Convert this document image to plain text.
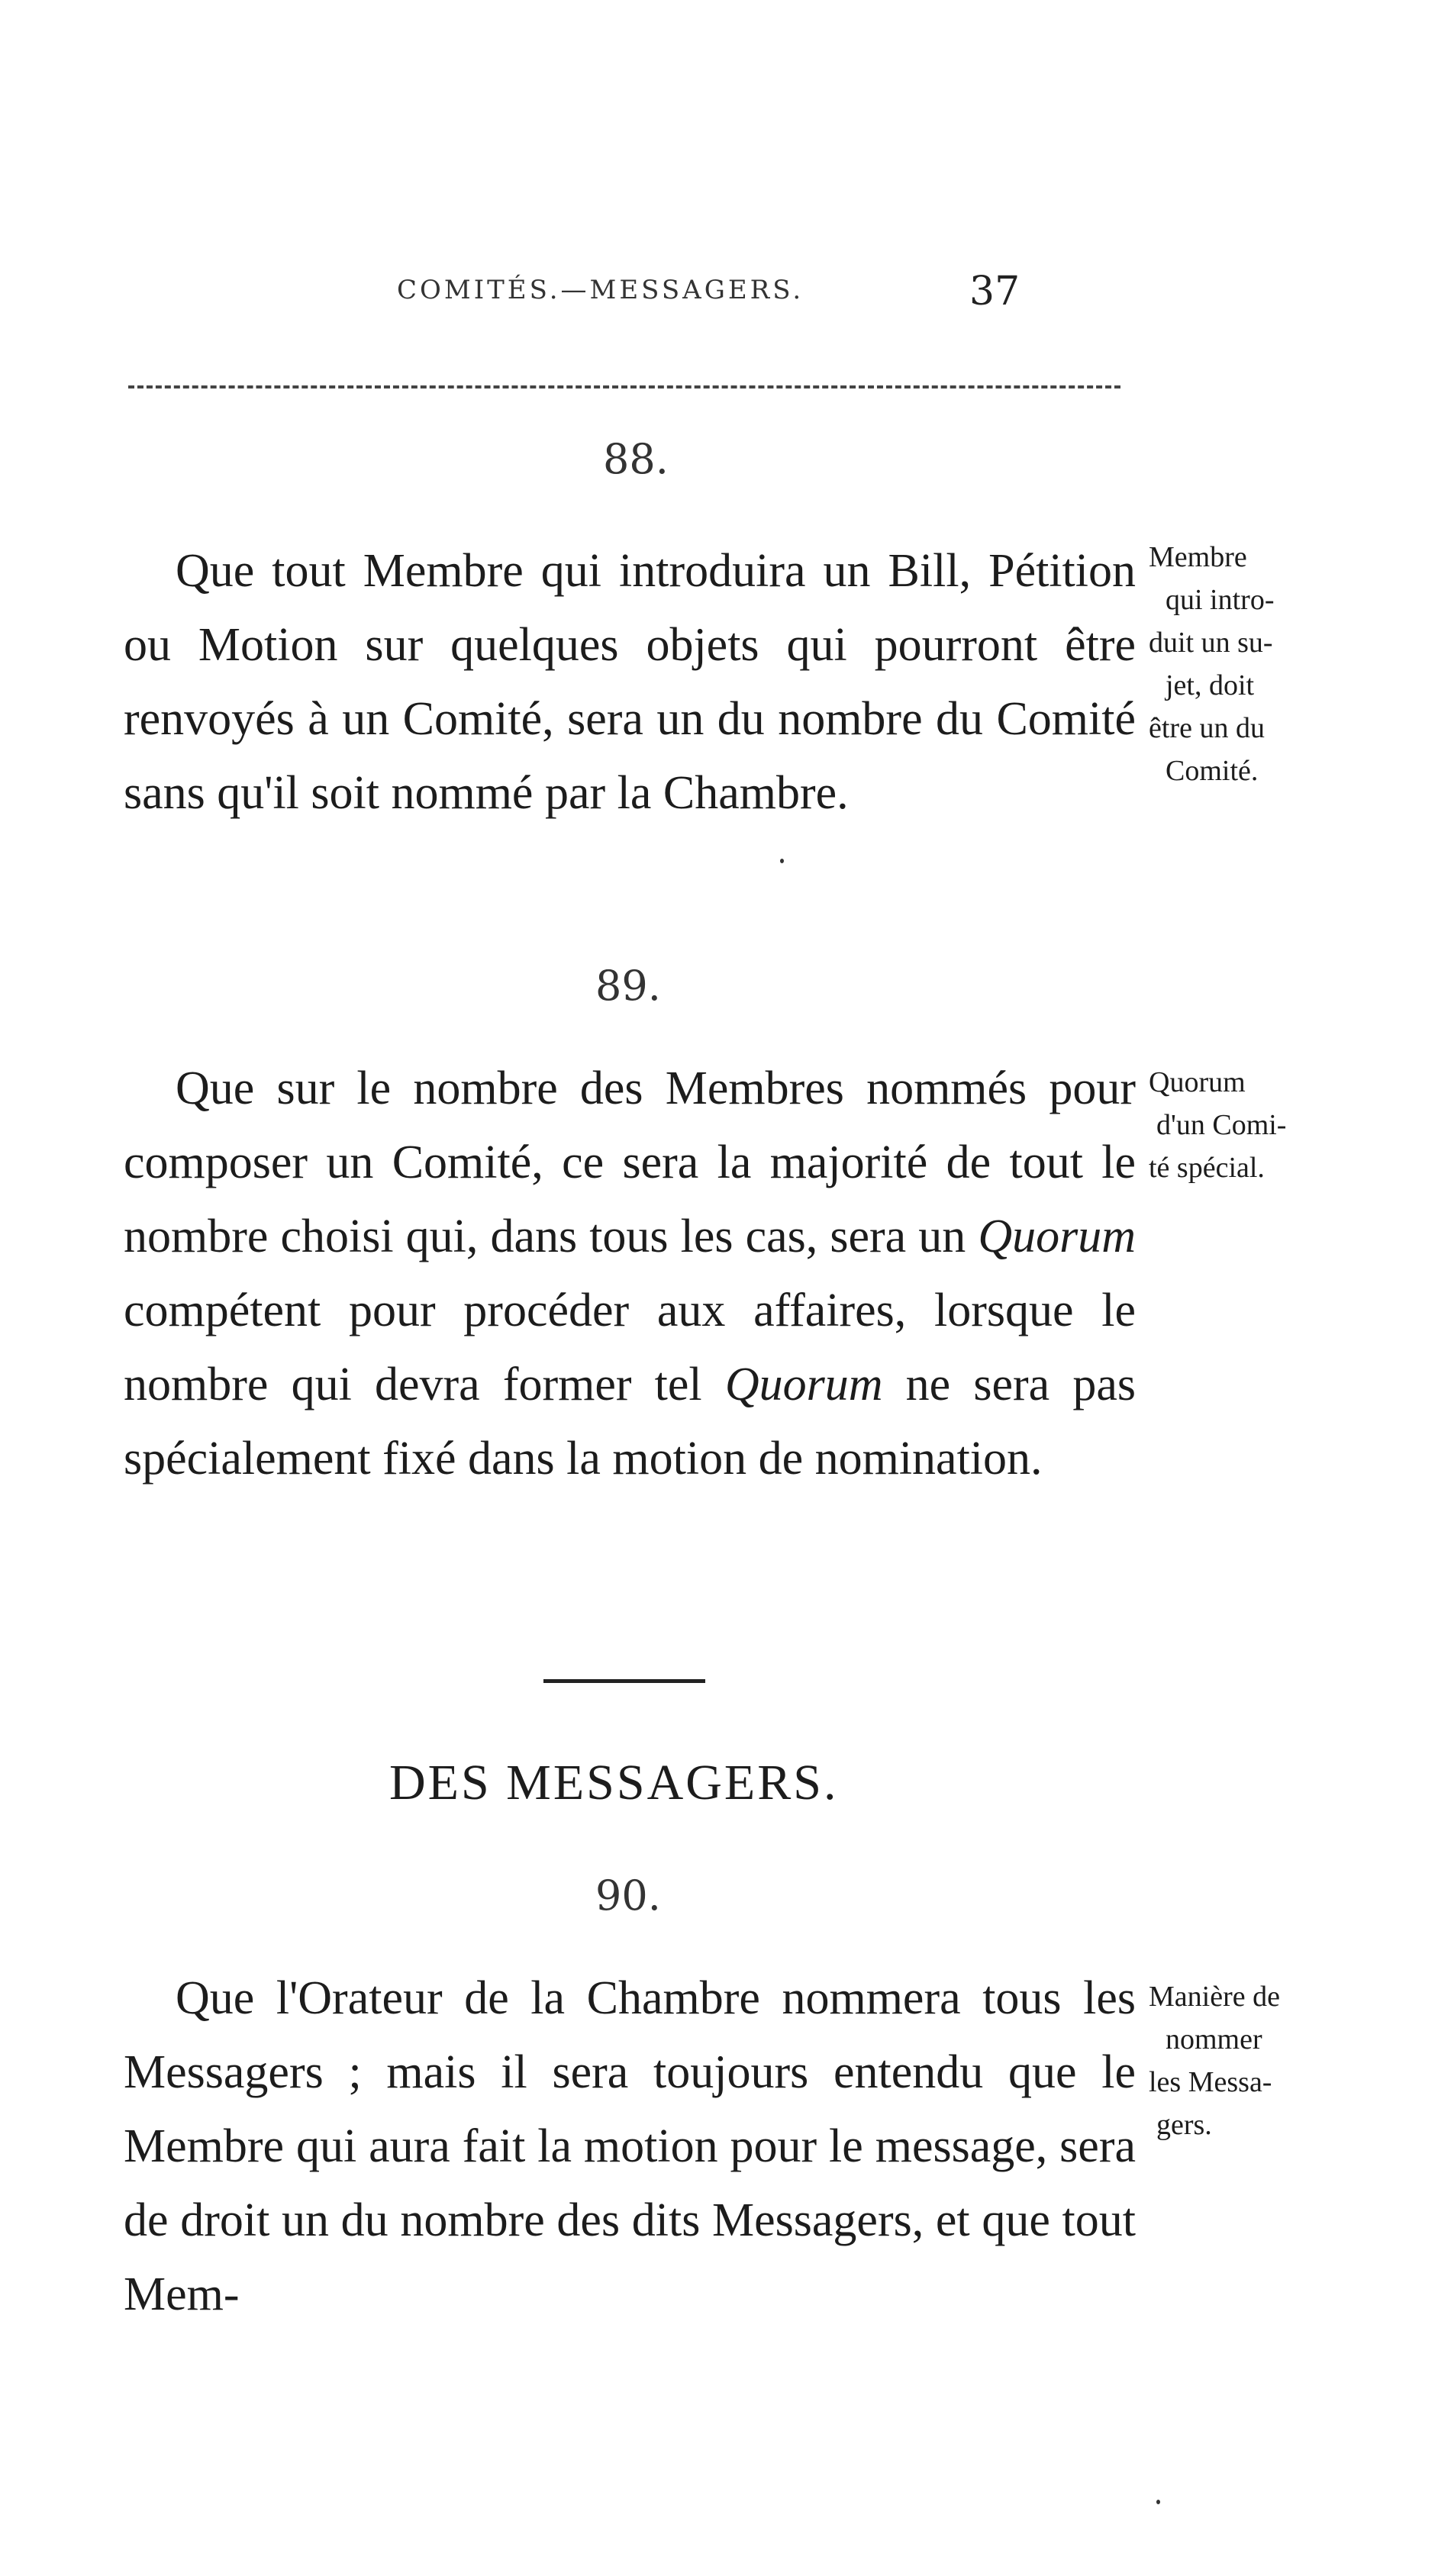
COMITÉS.—MESSAGERS.	37
88.

Que tout Membre qui introduira un Bill, Pétition ou Motion sur quelques objets qui pourront être renvoyés à un Comité, sera un du nombre du Comité sans qu'il soit nommé par la Chambre.

Membre
qui intro-
duit un su-
jet, doit
être un du
Comité.
89.

Que sur le nombre des Membres nommés pour composer un Comité, ce sera la majorité de tout le nombre choisi qui, dans tous les cas, sera un Quorum compétent pour procéder aux affaires, lorsque le nombre qui devra former tel Quorum ne sera pas spécialement fixé dans la motion de nomination.

Quorum
d'un Comi-
té spécial.
DES MESSAGERS.
90.

Que l'Orateur de la Chambre nommera tous les Messagers ; mais il sera toujours entendu que le Membre qui aura fait la motion pour le message, sera de droit un du nombre des dits Messagers, et que tout Mem-

Manière de
nommer
les Messa-
gers.
